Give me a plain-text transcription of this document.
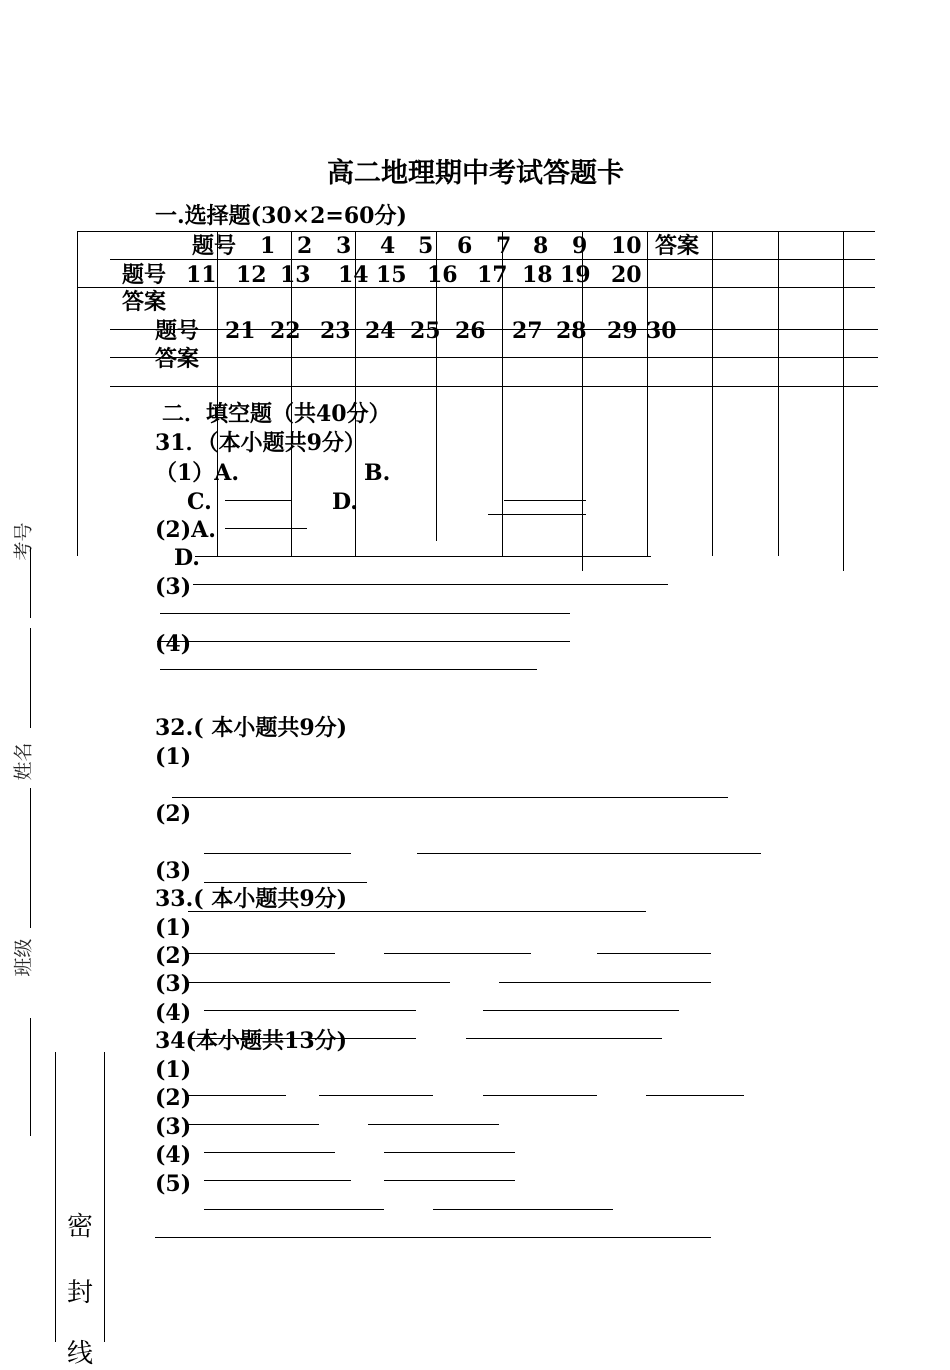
高二地理期中考试答题卡
一.选择题(30×2=60分)
题号 1 2 3 4 5 6 7 8 9 10 答案
题号 11 12 13 14 15 16 17 18 19 20
答案
题号 21 22 23 24 25 26 27 28 29 30
答案
二．填空题（共40分）
31．（本小题共9分）
（1）A.	B.
C.	D.
(2)A.
D.
(3)
(4)
32.( 本小题共9分)
(1)
(2)
(3)
33.( 本小题共9分)
(1)
(2)
(3)
(4)
34(本小题共13分)
(1)
(2)
(3)
(4)
(5)
考号
姓名
班级
密
封
线
